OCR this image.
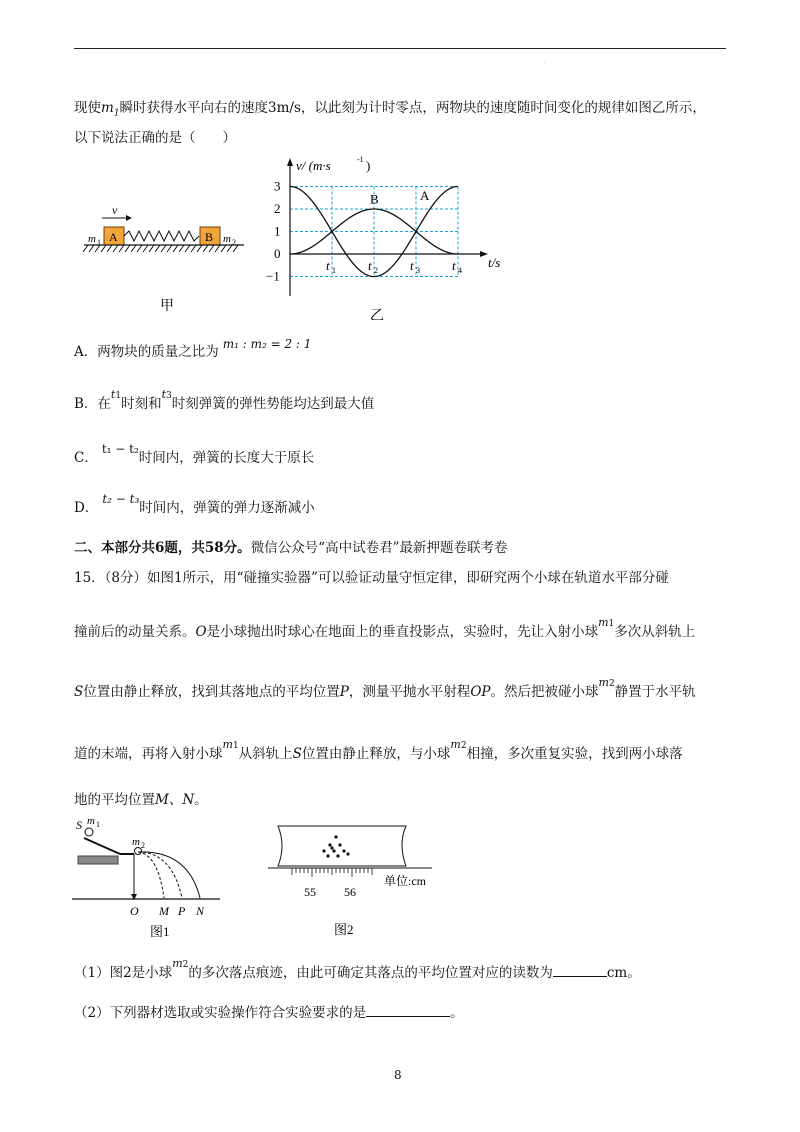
·
现使$m_1$瞬时获得水平向右的速度3m/s，以此刻为计时零点，两物块的速度随时间变化的规律如图乙所示，
以下说法正确的是（　　）
v
m 1 A	B m 2
甲
3
2
1
0
−1
t 1 t 2 t 3 t 4
A
B
v/ (m·s	-1 )
t/s
乙
A．两物块的质量之比为 m₁ : m₂ = 2 : 1
B．在$^t_1$时刻和$^t_3$时刻弹簧的弹性势能均达到最大值
C．t₁ − t₂时间内，弹簧的长度大于原长
D．t₂ − t₃时间内，弹簧的弹力逐渐减小
二、本部分共6题，共58分。微信公众号“高中试卷君”最新押题卷联考卷
15．（8分）如图1所示，用“碰撞实验器”可以验证动量守恒定律，即研究两个小球在轨道水平部分碰
撞前后的动量关系。O是小球抛出时球心在地面上的垂直投影点，实验时，先让入射小球$^m_1$多次从斜轨上
S位置由静止释放，找到其落地点的平均位置P，测量平抛水平射程OP。然后把被碰小球$^m_2$静置于水平轨
道的末端，再将入射小球$^m_1$从斜轨上S位置由静止释放，与小球$^m_2$相撞，多次重复实验，找到两小球落
地的平均位置M、N。
S m 1
m 2
O M P N
图1
55 56
单位:cm
图2
（1）图2是小球$^m_2$的多次落点痕迹，由此可确定其落点的平均位置对应的读数为	cm。
（2）下列器材选取或实验操作符合实验要求的是	。
8
